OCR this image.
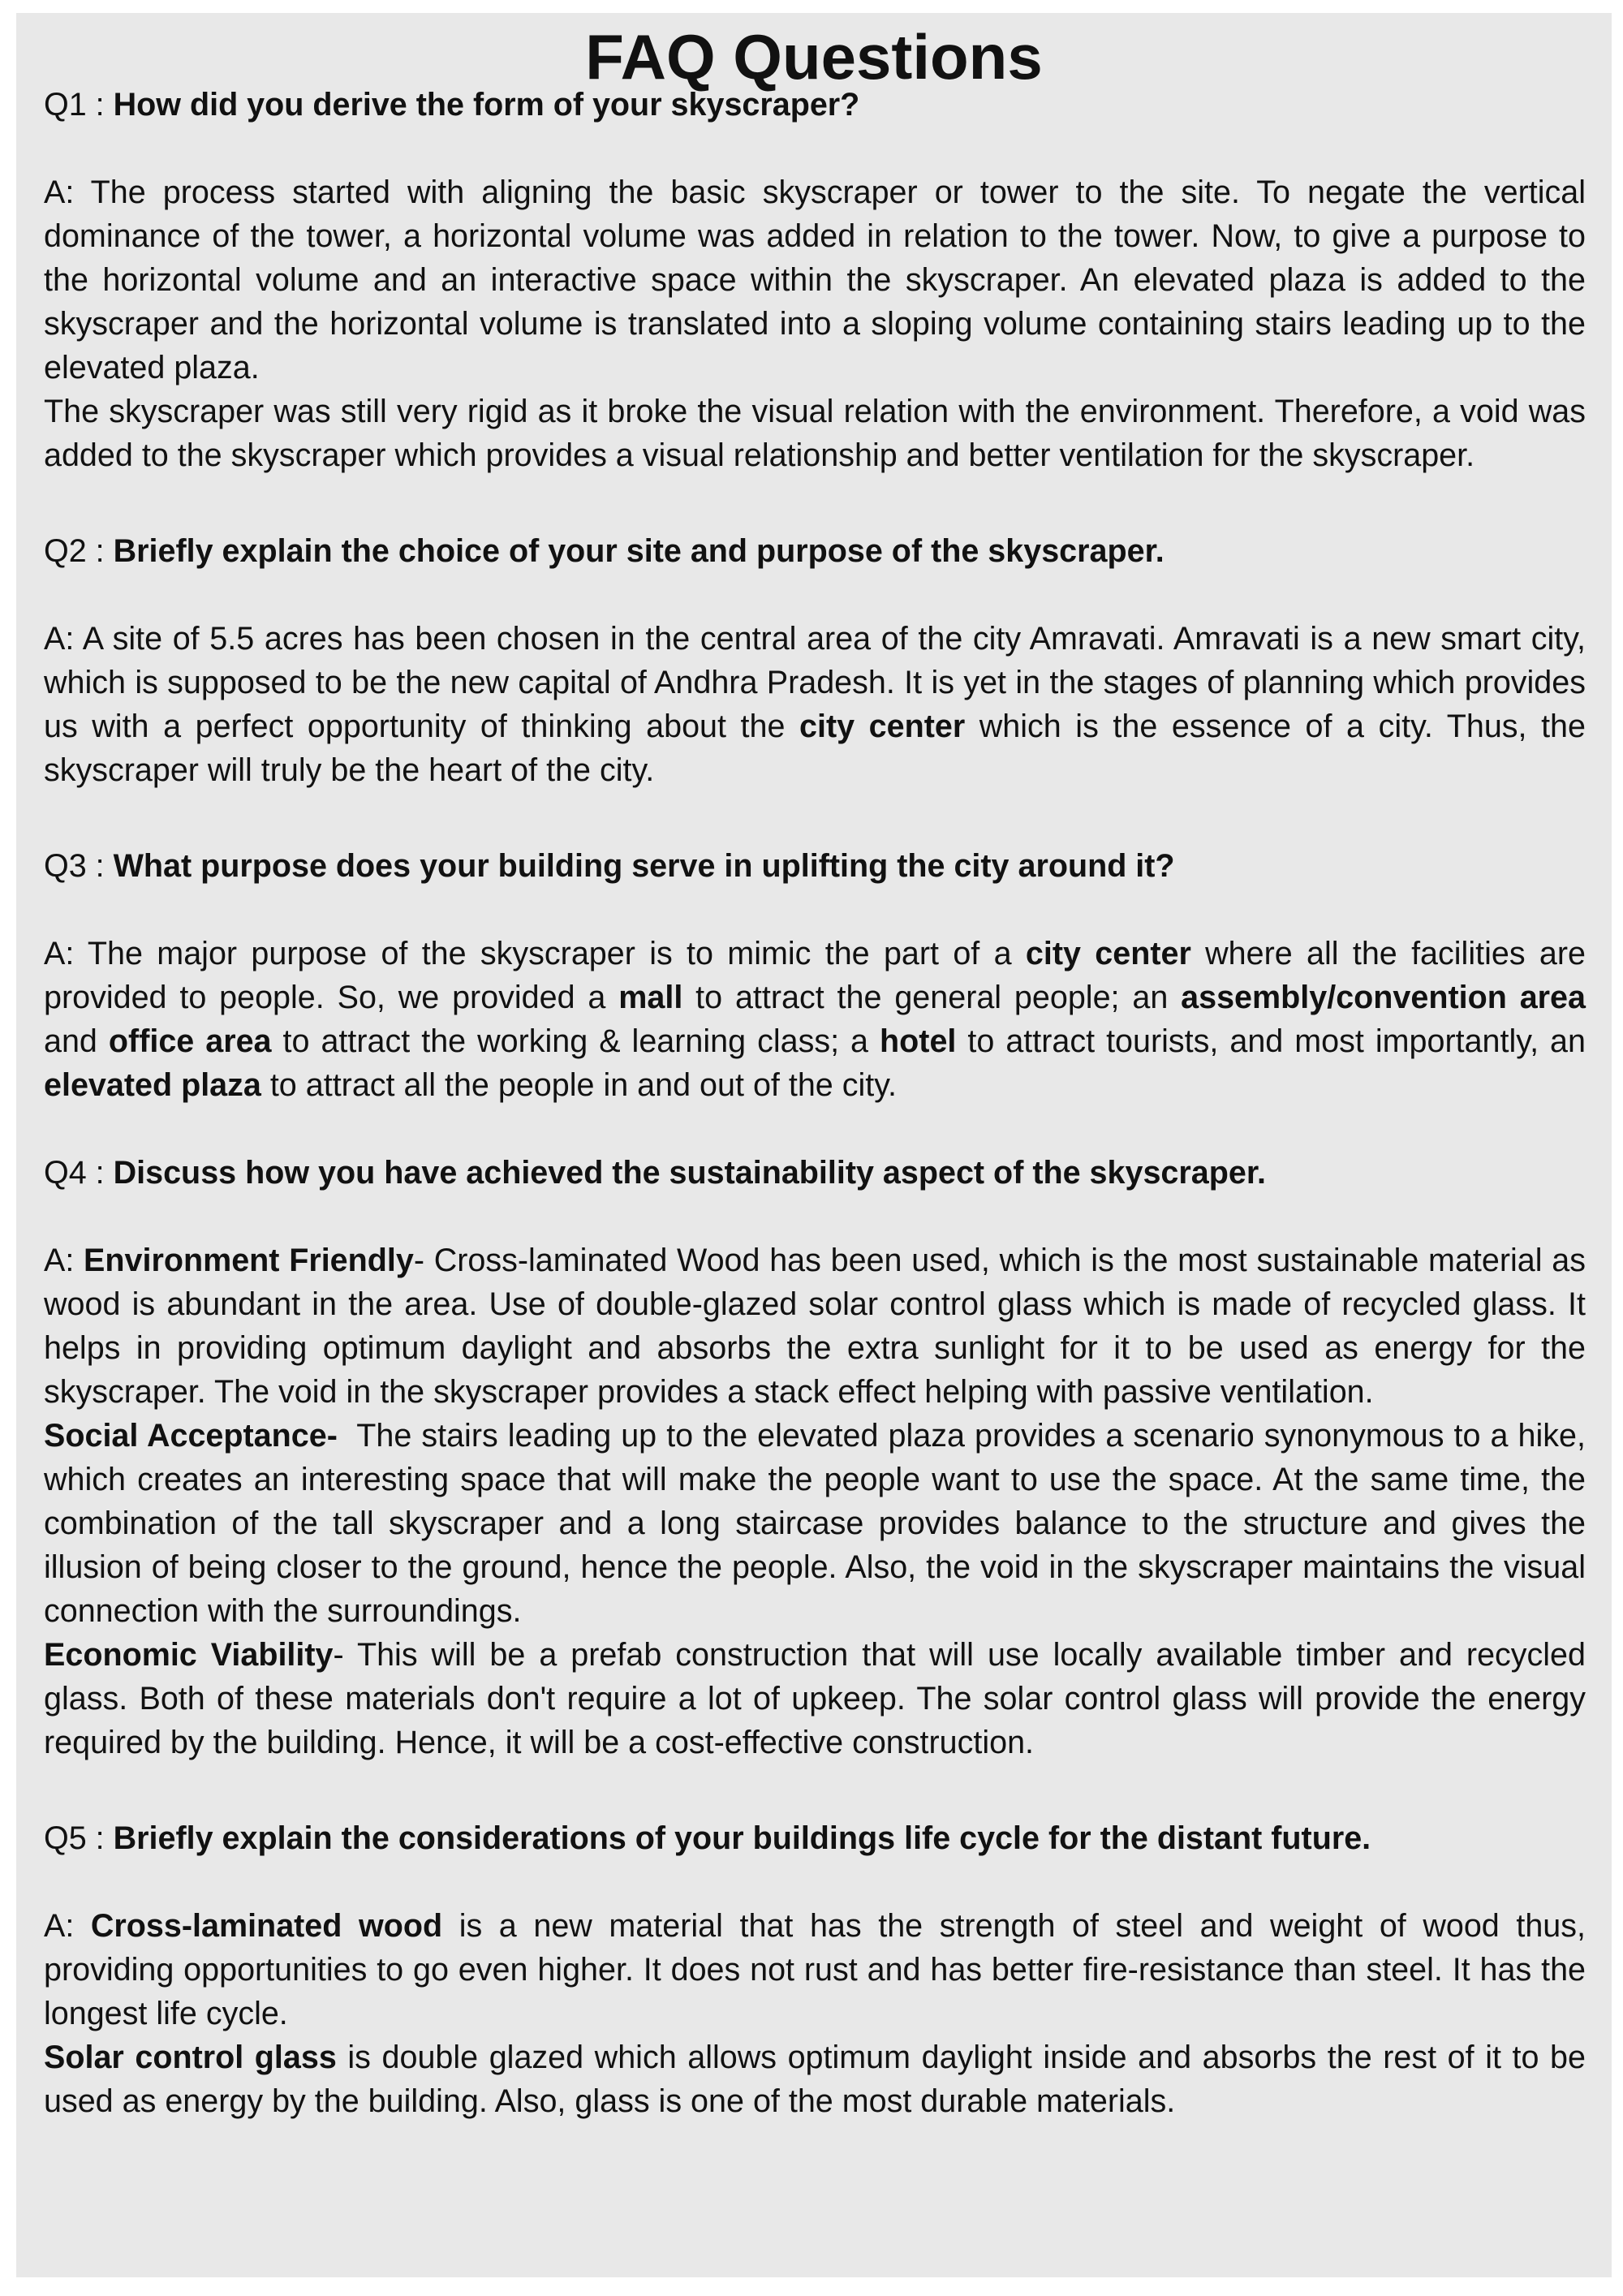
FAQ Questions

Q1 : How did you derive the form of your skyscraper?

A: The process started with aligning the basic skyscraper or tower to the site. To negate the vertical dominance of the tower, a horizontal volume was added in relation to the tower. Now, to give a purpose to the horizontal volume and an interactive space within the skyscraper. An elevated plaza is added to the skyscraper and the horizontal volume is translated into a sloping volume containing stairs leading up to the elevated plaza.

The skyscraper was still very rigid as it broke the visual relation with the environment. Therefore, a void was added to the skyscraper which provides a visual relationship and better ventilation for the skyscraper.

Q2 : Briefly explain the choice of your site and purpose of the skyscraper.

A: A site of 5.5 acres has been chosen in the central area of the city Amravati. Amravati is a new smart city, which is supposed to be the new capital of Andhra Pradesh. It is yet in the stages of planning which provides us with a perfect opportunity of thinking about the city center which is the essence of a city. Thus, the skyscraper will truly be the heart of the city.

Q3 : What purpose does your building serve in uplifting the city around it?

A: The major purpose of the skyscraper is to mimic the part of a city center where all the facilities are provided to people. So, we provided a mall to attract the general people; an assembly/convention area and office area to attract the working & learning class; a hotel to attract tourists, and most importantly, an elevated plaza to attract all the people in and out of the city.

Q4 : Discuss how you have achieved the sustainability aspect of the skyscraper.

A: Environment Friendly- Cross-laminated Wood has been used, which is the most sustainable material as wood is abundant in the area. Use of double-glazed solar control glass which is made of recycled glass. It helps in providing optimum daylight and absorbs the extra sunlight for it to be used as energy for the skyscraper. The void in the skyscraper provides a stack effect helping with passive ventilation.

Social Acceptance-  The stairs leading up to the elevated plaza provides a scenario synonymous to a hike, which creates an interesting space that will make the people want to use the space. At the same time, the combination of the tall skyscraper and a long staircase provides balance to the structure and gives the illusion of being closer to the ground, hence the people. Also, the void in the skyscraper maintains the visual connection with the surroundings.

Economic Viability- This will be a prefab construction that will use locally available timber and recycled glass. Both of these materials don't require a lot of upkeep. The solar control glass will provide the energy required by the building. Hence, it will be a cost-effective construction.

Q5 : Briefly explain the considerations of your buildings life cycle for the distant future.

A: Cross-laminated wood is a new material that has the strength of steel and weight of wood thus, providing opportunities to go even higher. It does not rust and has better fire-resistance than steel. It has the longest life cycle.

Solar control glass is double glazed which allows optimum daylight inside and absorbs the rest of it to be used as energy by the building. Also, glass is one of the most durable materials.
